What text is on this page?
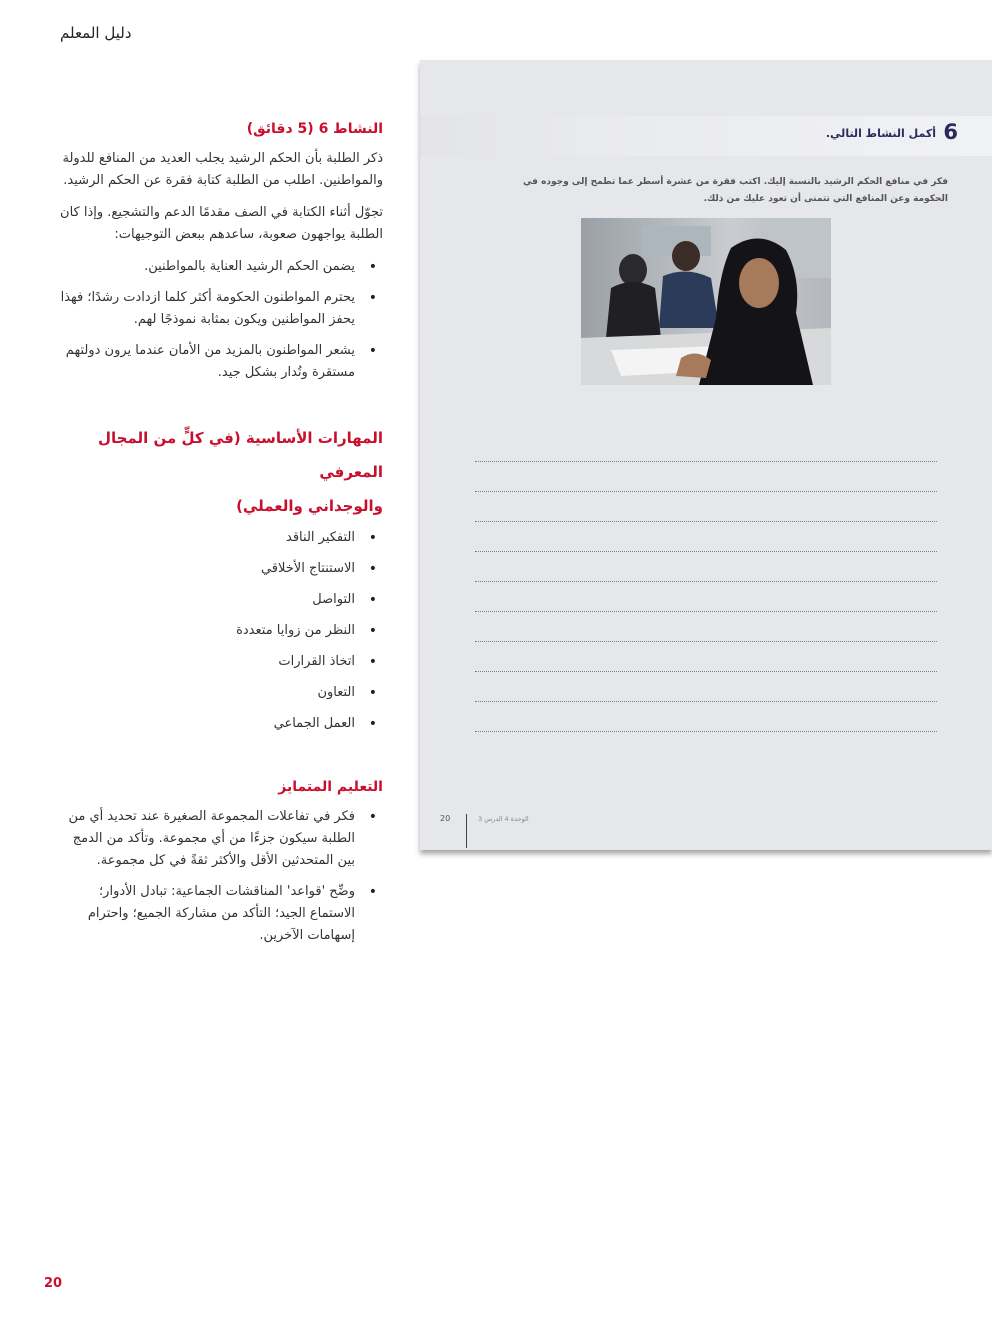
دليل المعلم
النشاط 6 (5 دقائق)

ذكر الطلبة بأن الحكم الرشيد يجلب العديد من المنافع للدولة والمواطنين. اطلب من الطلبة كتابة فقرة عن الحكم الرشيد.

تجوّل أثناء الكتابة في الصف مقدمًا الدعم والتشجيع. وإذا كان الطلبة يواجهون صعوبة، ساعدهم ببعض التوجيهات:

• يضمن الحكم الرشيد العناية بالمواطنين.
• يحترم المواطنون الحكومة أكثر كلما ازدادت رشدًا؛ فهذا يحفز المواطنين ويكون بمثابة نموذجًا لهم.
• يشعر المواطنون بالمزيد من الأمان عندما يرون دولتهم مستقرة وتُدار بشكل جيد.
المهارات الأساسية (في كلٍّ من المجال المعرفي
والوجداني والعملي)
• التفكير الناقد
• الاستنتاج الأخلاقي
• التواصل
• النظر من زوايا متعددة
• اتخاذ القرارات
• التعاون
• العمل الجماعي
التعليم المتمايز
• فكر في تفاعلات المجموعة الصغيرة عند تحديد أي من الطلبة سيكون جزءًا من أي مجموعة. وتأكد من الدمج بين المتحدثين الأقل والأكثر ثقةً في كل مجموعة.
• وضِّح 'قواعد' المناقشات الجماعية: تبادل الأدوار؛ الاستماع الجيد؛ التأكد من مشاركة الجميع؛ واحترام إسهامات الآخرين.
6
أكمل النشاط التالي.
فكر في منافع الحكم الرشيد بالنسبة إليك. اكتب فقرة من عشرة أسطر عما تطمح إلى وجوده في الحكومة وعن المنافع التي تتمنى أن تعود عليك من ذلك.
20	الوحدة 4 الدرس 3
20
